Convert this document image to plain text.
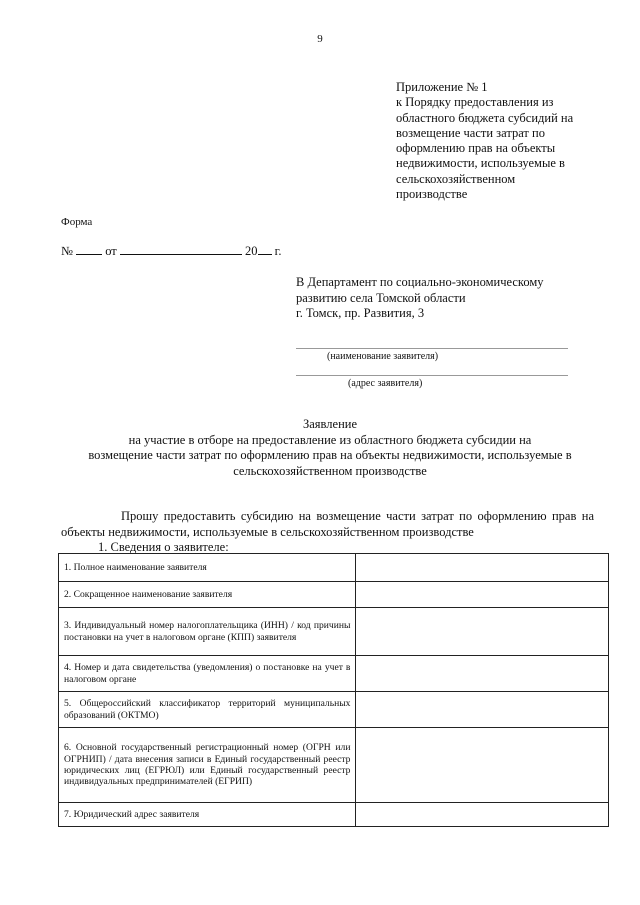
9
Приложение № 1
к Порядку предоставления из
областного бюджета субсидий на
возмещение части затрат по
оформлению прав на объекты
недвижимости, используемые в
сельскохозяйственном
производстве
Форма
№	от	20 г.
В Департамент по социально-экономическому
развитию села Томской области
г. Томск, пр. Развития, 3
(наименование заявителя)
(адрес заявителя)
Заявление
на участие в отборе на предоставление из областного бюджета субсидии на
возмещение части затрат по оформлению прав на объекты недвижимости, используемые в
сельскохозяйственном производстве
Прошу предоставить субсидию на возмещение части затрат по оформлению прав на объекты недвижимости, используемые в сельскохозяйственном производстве
1. Сведения о заявителе:
1. Полное наименование заявителя	
2. Сокращенное наименование заявителя	
3. Индивидуальный номер налогоплательщика (ИНН) / код причины постановки на учет в налоговом органе (КПП) заявителя	
4. Номер и дата свидетельства (уведомления) о постановке на учет в налоговом органе	
5. Общероссийский классификатор территорий муниципальных образований (ОКТМО)	
6. Основной государственный регистрационный номер (ОГРН или ОГРНИП) / дата внесения записи в Единый государственный реестр юридических лиц (ЕГРЮЛ) или Единый государственный реестр индивидуальных предпринимателей (ЕГРИП)	
7. Юридический адрес заявителя	
